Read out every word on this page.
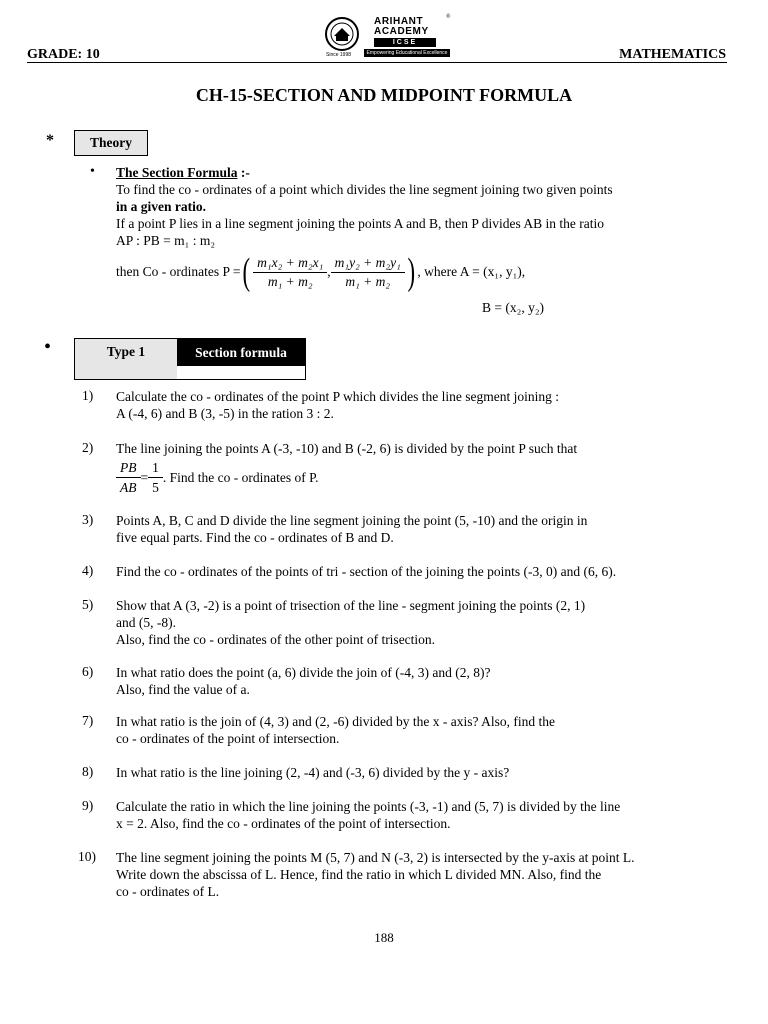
Since 1998
ARIHANT	®
ACADEMY
ICSE
Empowering Educational Excellence
GRADE: 10	MATHEMATICS
CH-15-SECTION AND MIDPOINT FORMULA
*	Theory
• The Section Formula :-
To find the co - ordinates of a point which divides the line segment joining two given points
in a given ratio.
If a point P lies in a line segment joining the points A and B, then P divides AB in the ratio
AP : PB = m₁ : m₂
then Co - ordinates P = ( $\frac{\text{m₁x₂ + m₂x₁}}{\text{m₁ + m₂}}$ , $\frac{\text{m₁y₂ + m₂y₁}}{\text{m₁ + m₂}}$ ) , where A = (x₁, y₁),
B = (x₂, y₂)
•	Type 1	Section formula
1) Calculate the co - ordinates of the point P which divides the line segment joining :
A (-4, 6) and B (3, -5) in the ration 3 : 2.
2) The line joining the points A (-3, -10) and B (-2, 6) is divided by the point P such that
$\frac{PB}{AB} = \frac{1}{5}$ . Find the co - ordinates of P.
3) Points A, B, C and D divide the line segment joining the point (5, -10) and the origin in
five equal parts. Find the co - ordinates of B and D.
4) Find the co - ordinates of the points of tri - section of the joining the points (-3, 0) and (6, 6).
5) Show that A (3, -2) is a point of trisection of the line - segment joining the points (2, 1)
and (5, -8).
Also, find the co - ordinates of the other point of trisection.
6) In what ratio does the point (a, 6) divide the join of (-4, 3) and (2, 8)?
Also, find the value of a.
7) In what ratio is the join of (4, 3) and (2, -6) divided by the x - axis? Also, find the
co - ordinates of the point of intersection.
8) In what ratio is the line joining (2, -4) and (-3, 6) divided by the y - axis?
9) Calculate the ratio in which the line joining the points (-3, -1) and (5, 7) is divided by the line
x = 2. Also, find the co - ordinates of the point of intersection.
10) The line segment joining the points M (5, 7) and N (-3, 2) is intersected by the y-axis at point L.
Write down the abscissa of L. Hence, find the ratio in which L divided MN. Also, find the
co - ordinates of L.
188
